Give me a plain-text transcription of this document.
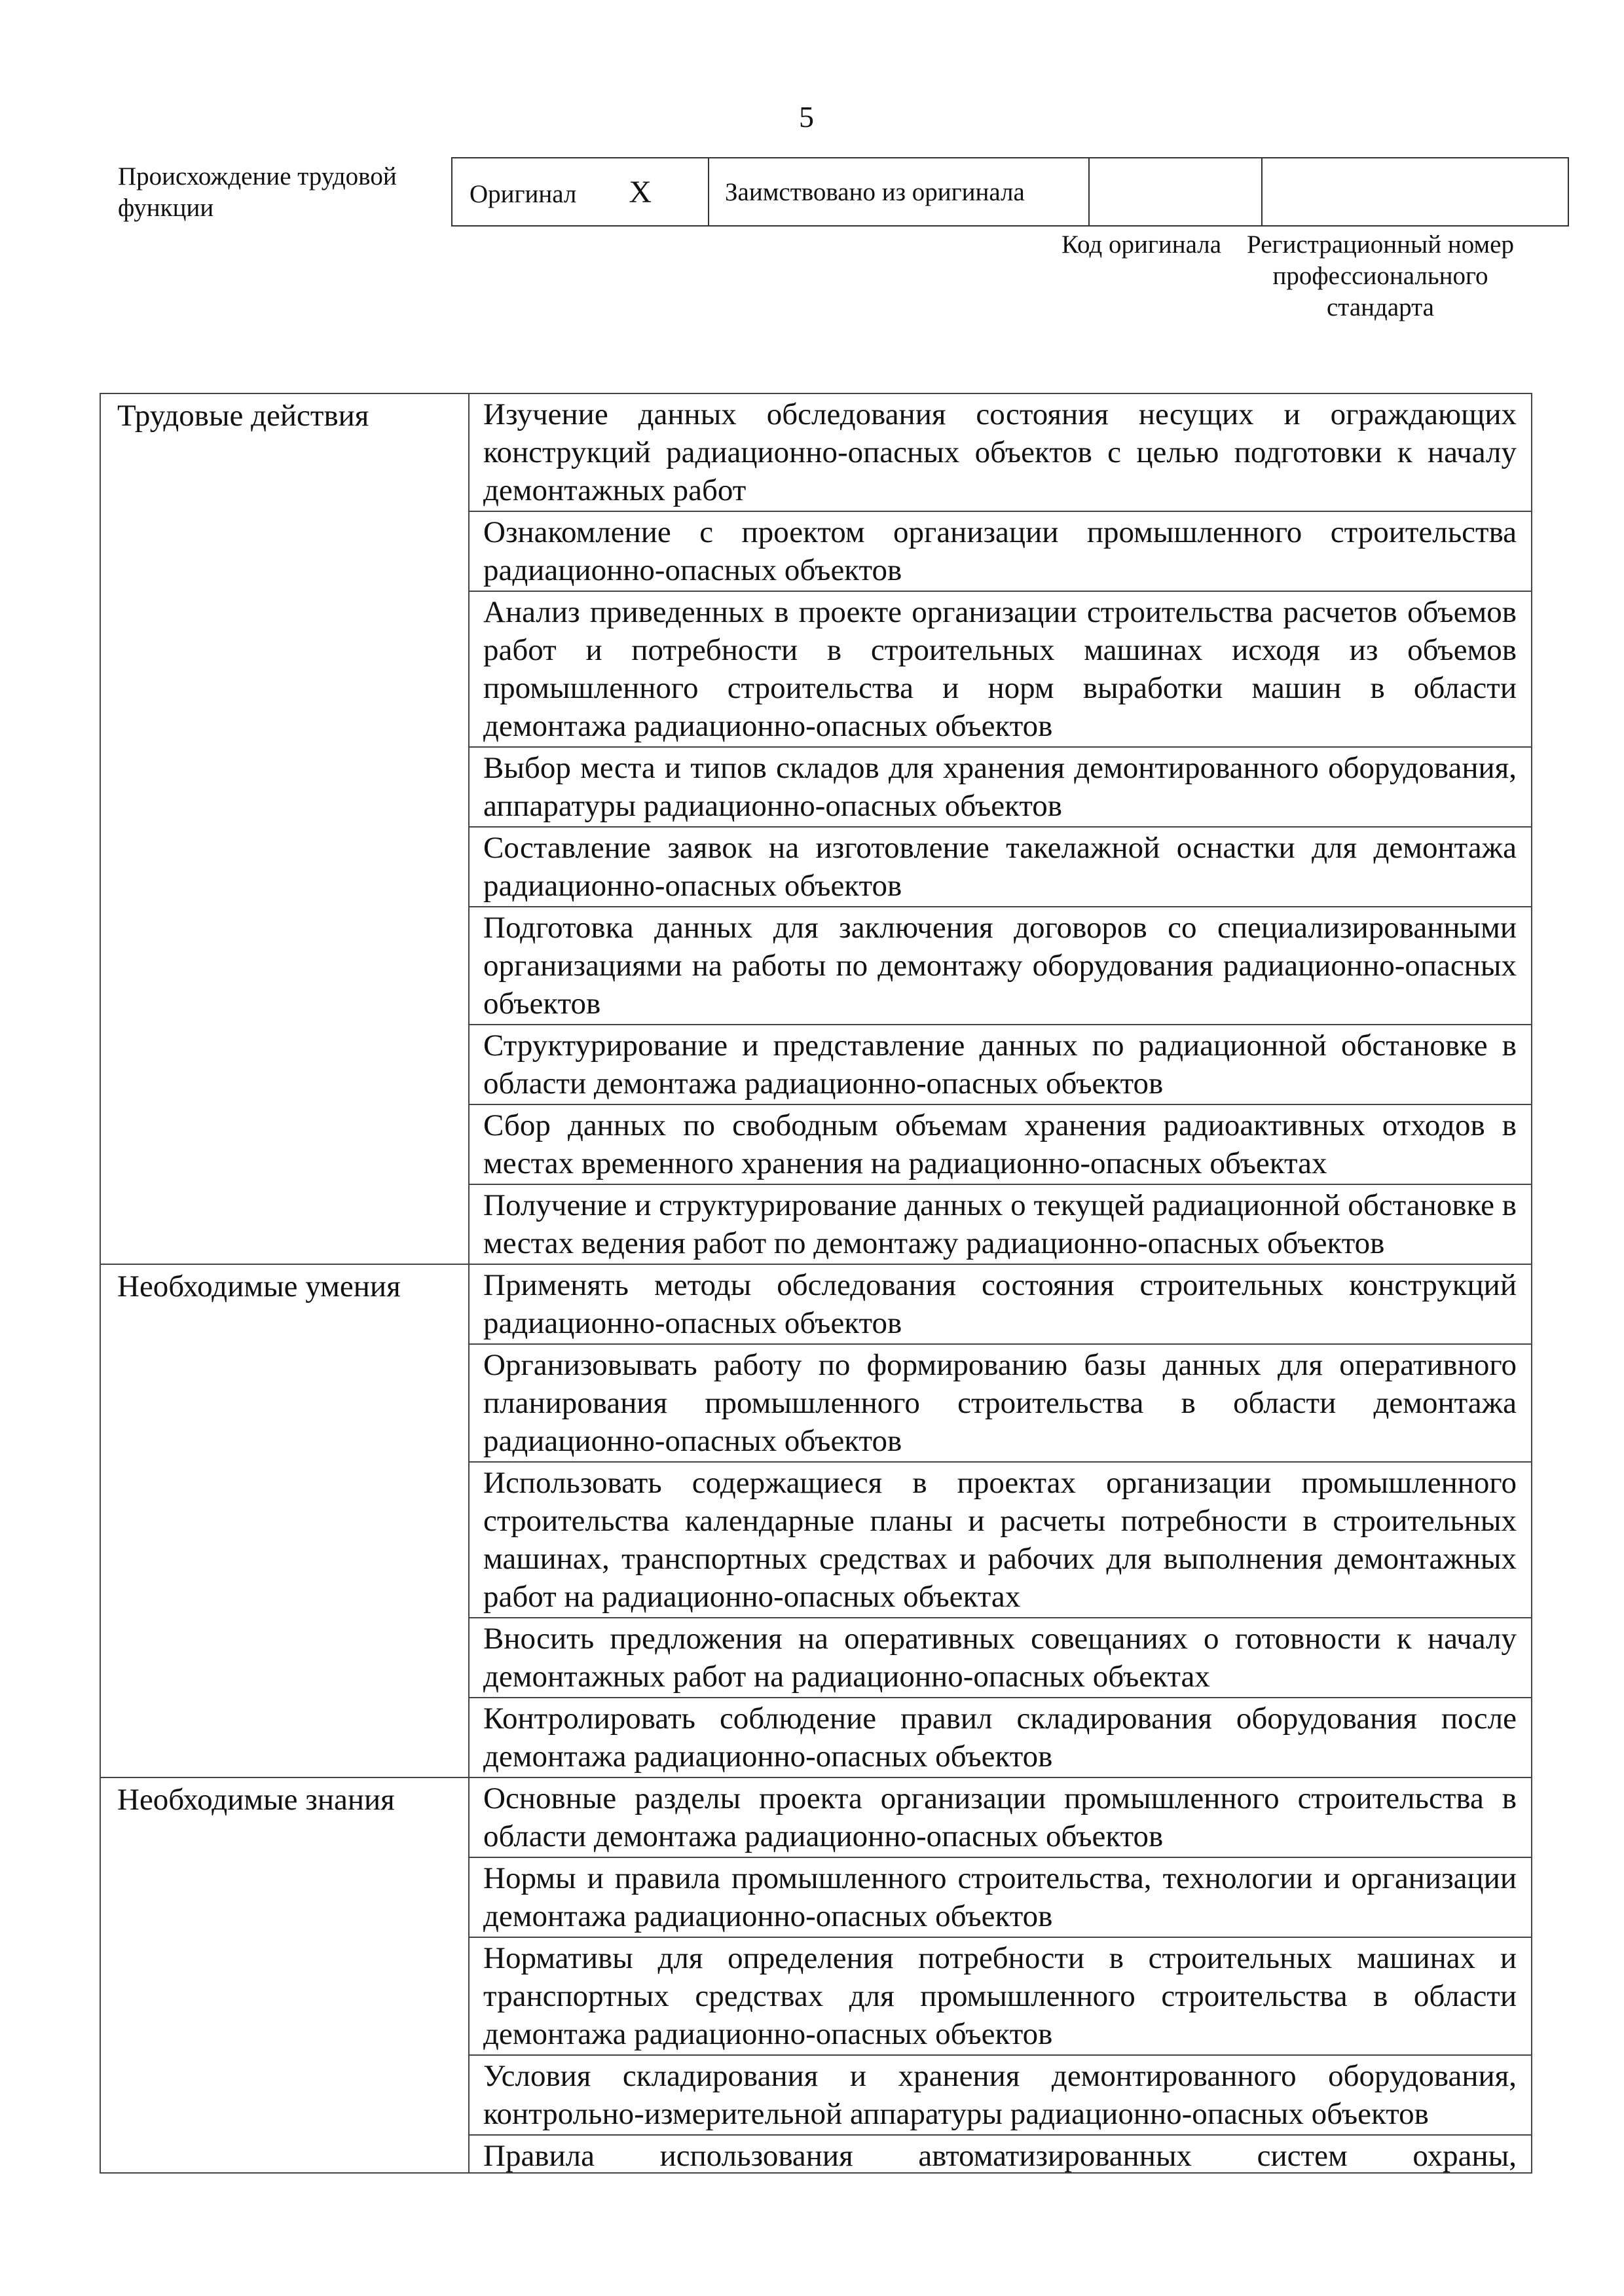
5
Происхождение трудовой функции	Оригинал X	Заимствовано из оригинала		
Код оригинала	Регистрационный номер профессионального стандарта
Трудовые действия	Изучение данных обследования состояния несущих и ограждающих конструкций радиационно-опасных объектов с целью подготовки к началу демонтажных работ

	Ознакомление с проектом организации промышленного строительства радиационно-опасных объектов

	Анализ приведенных в проекте организации строительства расчетов объемов работ и потребности в строительных машинах исходя из объемов промышленного строительства и норм выработки машин в области демонтажа радиационно-опасных объектов

	Выбор места и типов складов для хранения демонтированного оборудования, аппаратуры радиационно-опасных объектов

	Составление заявок на изготовление такелажной оснастки для демонтажа радиационно-опасных объектов

	Подготовка данных для заключения договоров со специализированными организациями на работы по демонтажу оборудования радиационно-опасных объектов

	Структурирование и представление данных по радиационной обстановке в области демонтажа радиационно-опасных объектов

	Сбор данных по свободным объемам хранения радиоактивных отходов в местах временного хранения на радиационно-опасных объектах

	Получение и структурирование данных о текущей радиационной обстановке в местах ведения работ по демонтажу радиационно-опасных объектов

Необходимые умения	Применять методы обследования состояния строительных конструкций радиационно-опасных объектов

	Организовывать работу по формированию базы данных для оперативного планирования промышленного строительства в области демонтажа радиационно-опасных объектов

	Использовать содержащиеся в проектах организации промышленного строительства календарные планы и расчеты потребности в строительных машинах, транспортных средствах и рабочих для выполнения демонтажных работ на радиационно-опасных объектах

	Вносить предложения на оперативных совещаниях о готовности к началу демонтажных работ на радиационно-опасных объектах

	Контролировать соблюдение правил складирования оборудования после демонтажа радиационно-опасных объектов

Необходимые знания	Основные разделы проекта организации промышленного строительства в области демонтажа радиационно-опасных объектов

	Нормы и правила промышленного строительства, технологии и организации демонтажа радиационно-опасных объектов

	Нормативы для определения потребности в строительных машинах и транспортных средствах для промышленного строительства в области демонтажа радиационно-опасных объектов

	Условия складирования и хранения демонтированного оборудования, контрольно-измерительной аппаратуры радиационно-опасных объектов

	Правила использования автоматизированных систем охраны,
